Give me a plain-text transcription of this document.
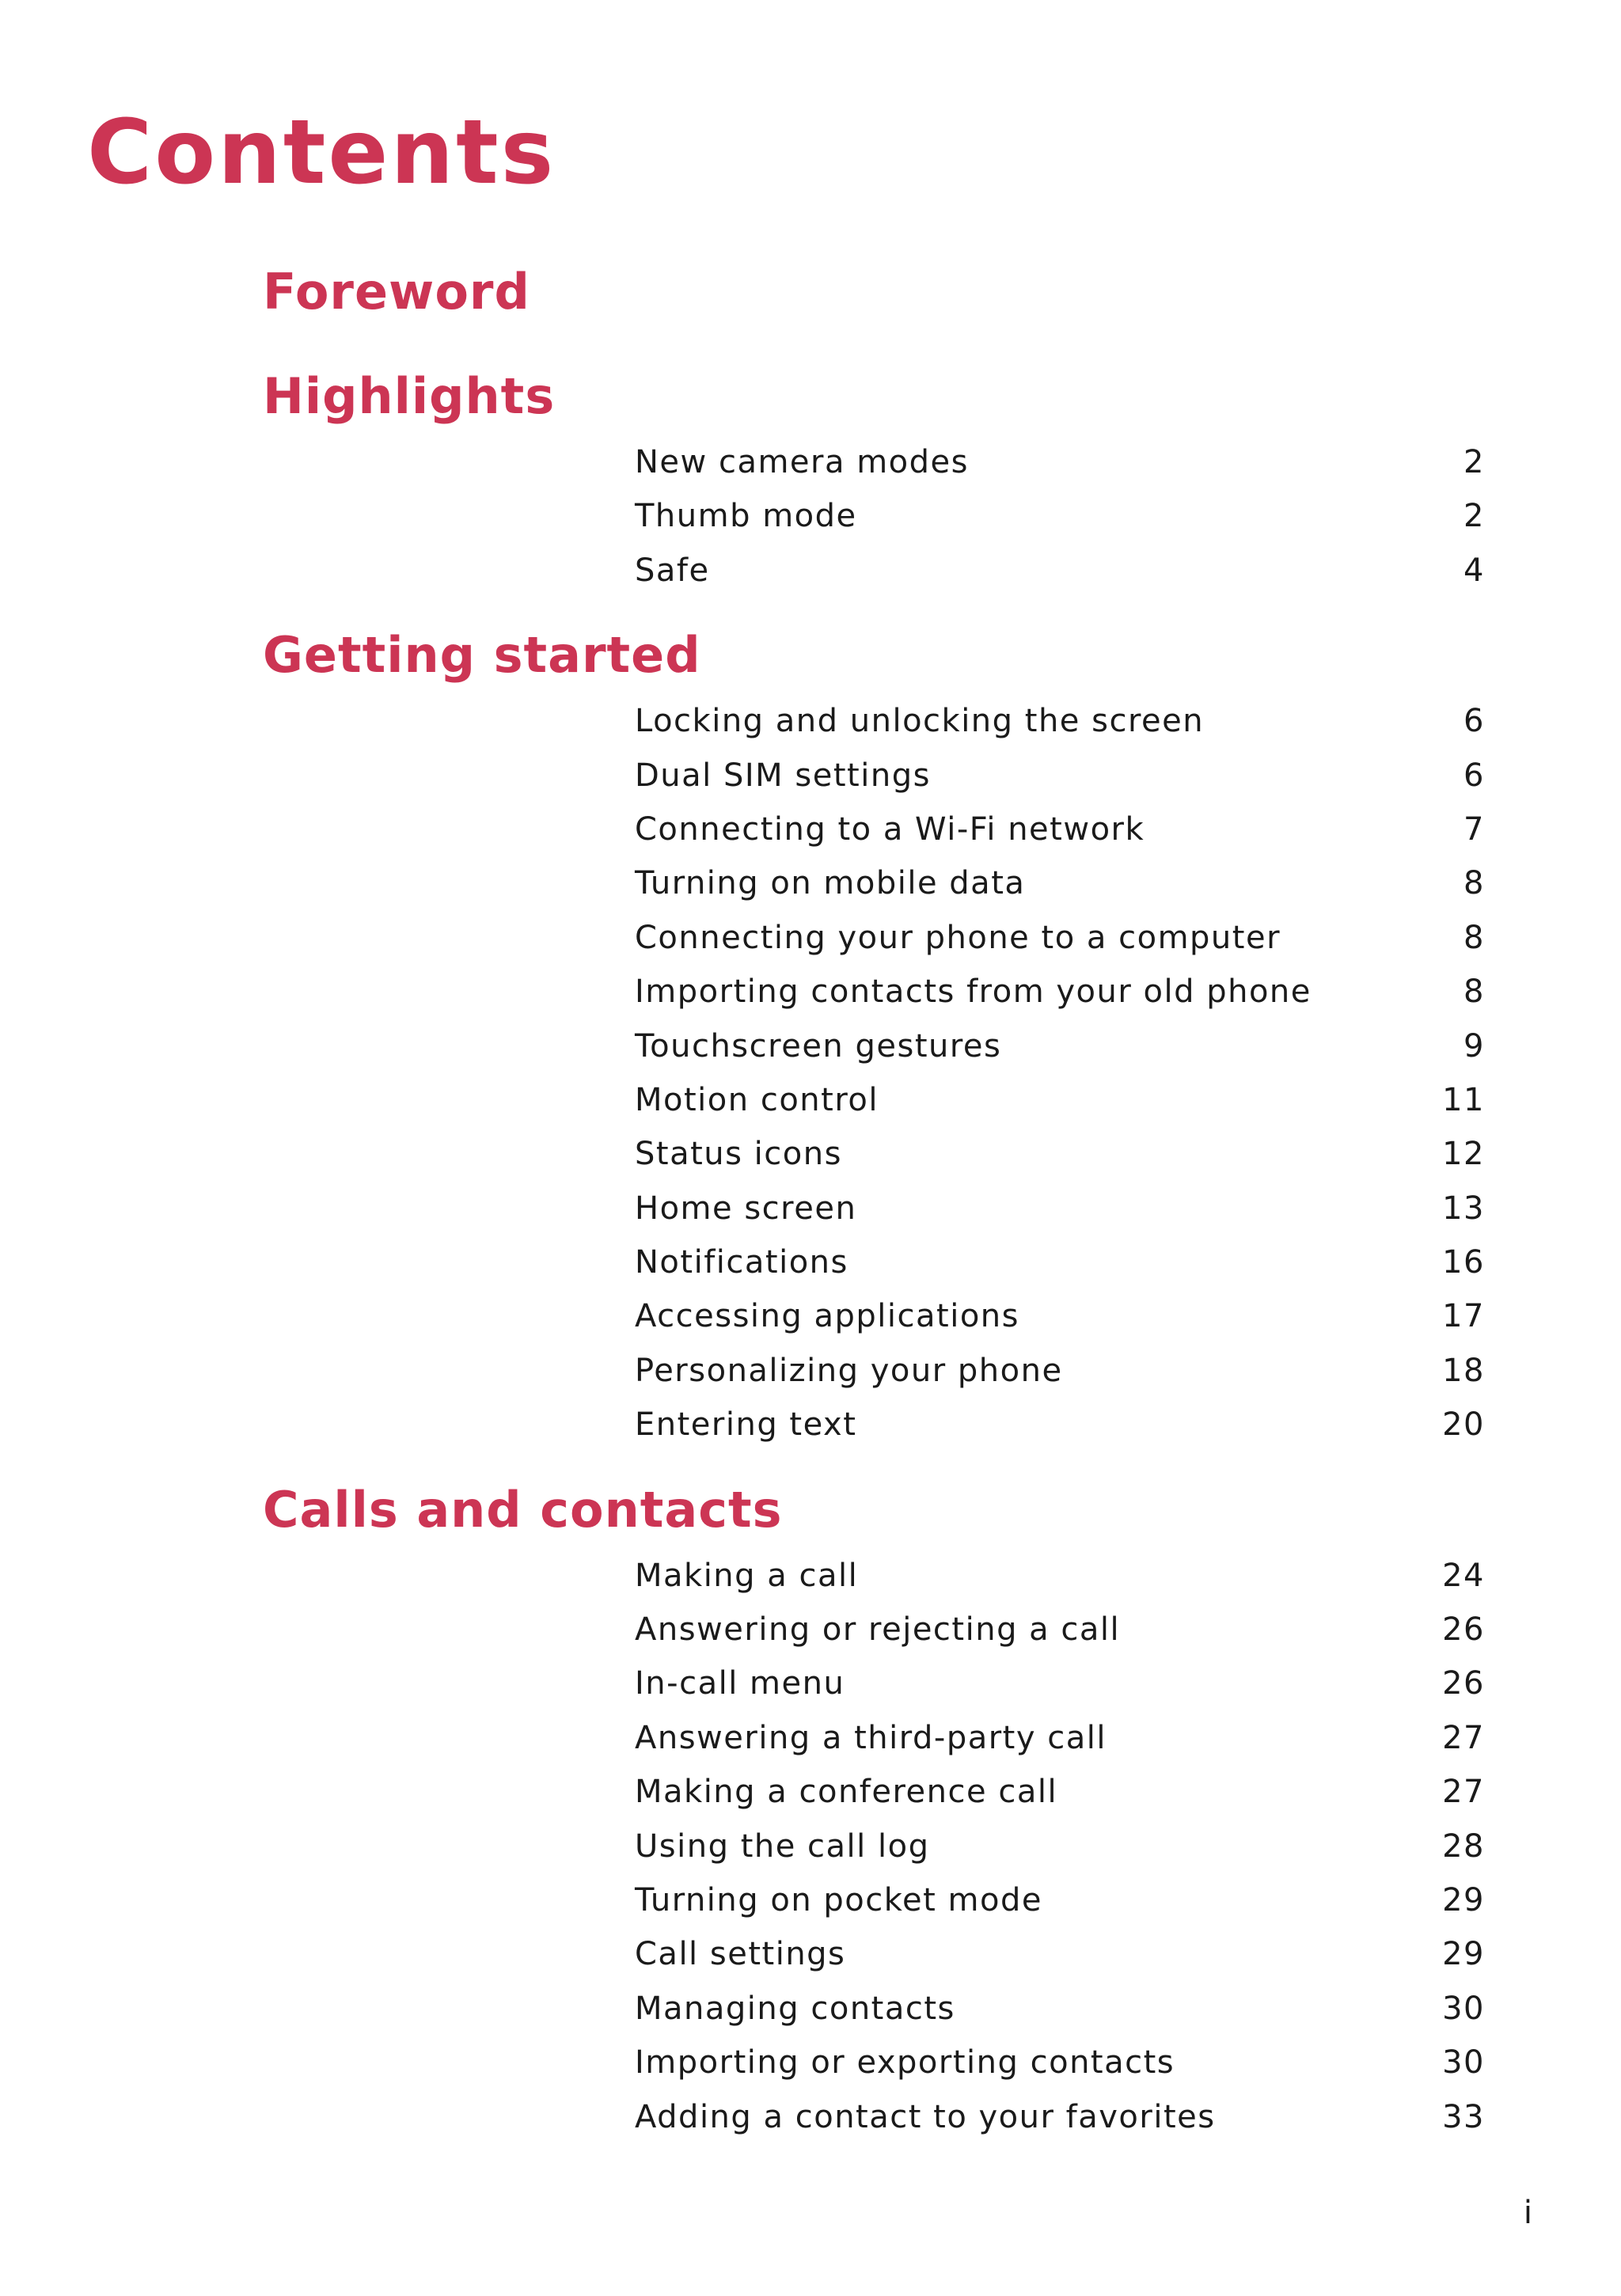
Contents
Foreword
Highlights
New camera modes	2
Thumb mode	2
Safe	4
Getting started
Locking and unlocking the screen	6
Dual SIM settings	6
Connecting to a Wi-Fi network	7
Turning on mobile data	8
Connecting your phone to a computer	8
Importing contacts from your old phone	8
Touchscreen gestures	9
Motion control	11
Status icons	12
Home screen	13
Notifications	16
Accessing applications	17
Personalizing your phone	18
Entering text	20
Calls and contacts
Making a call	24
Answering or rejecting a call	26
In-call menu	26
Answering a third-party call	27
Making a conference call	27
Using the call log	28
Turning on pocket mode	29
Call settings	29
Managing contacts	30
Importing or exporting contacts	30
Adding a contact to your favorites	33
i
